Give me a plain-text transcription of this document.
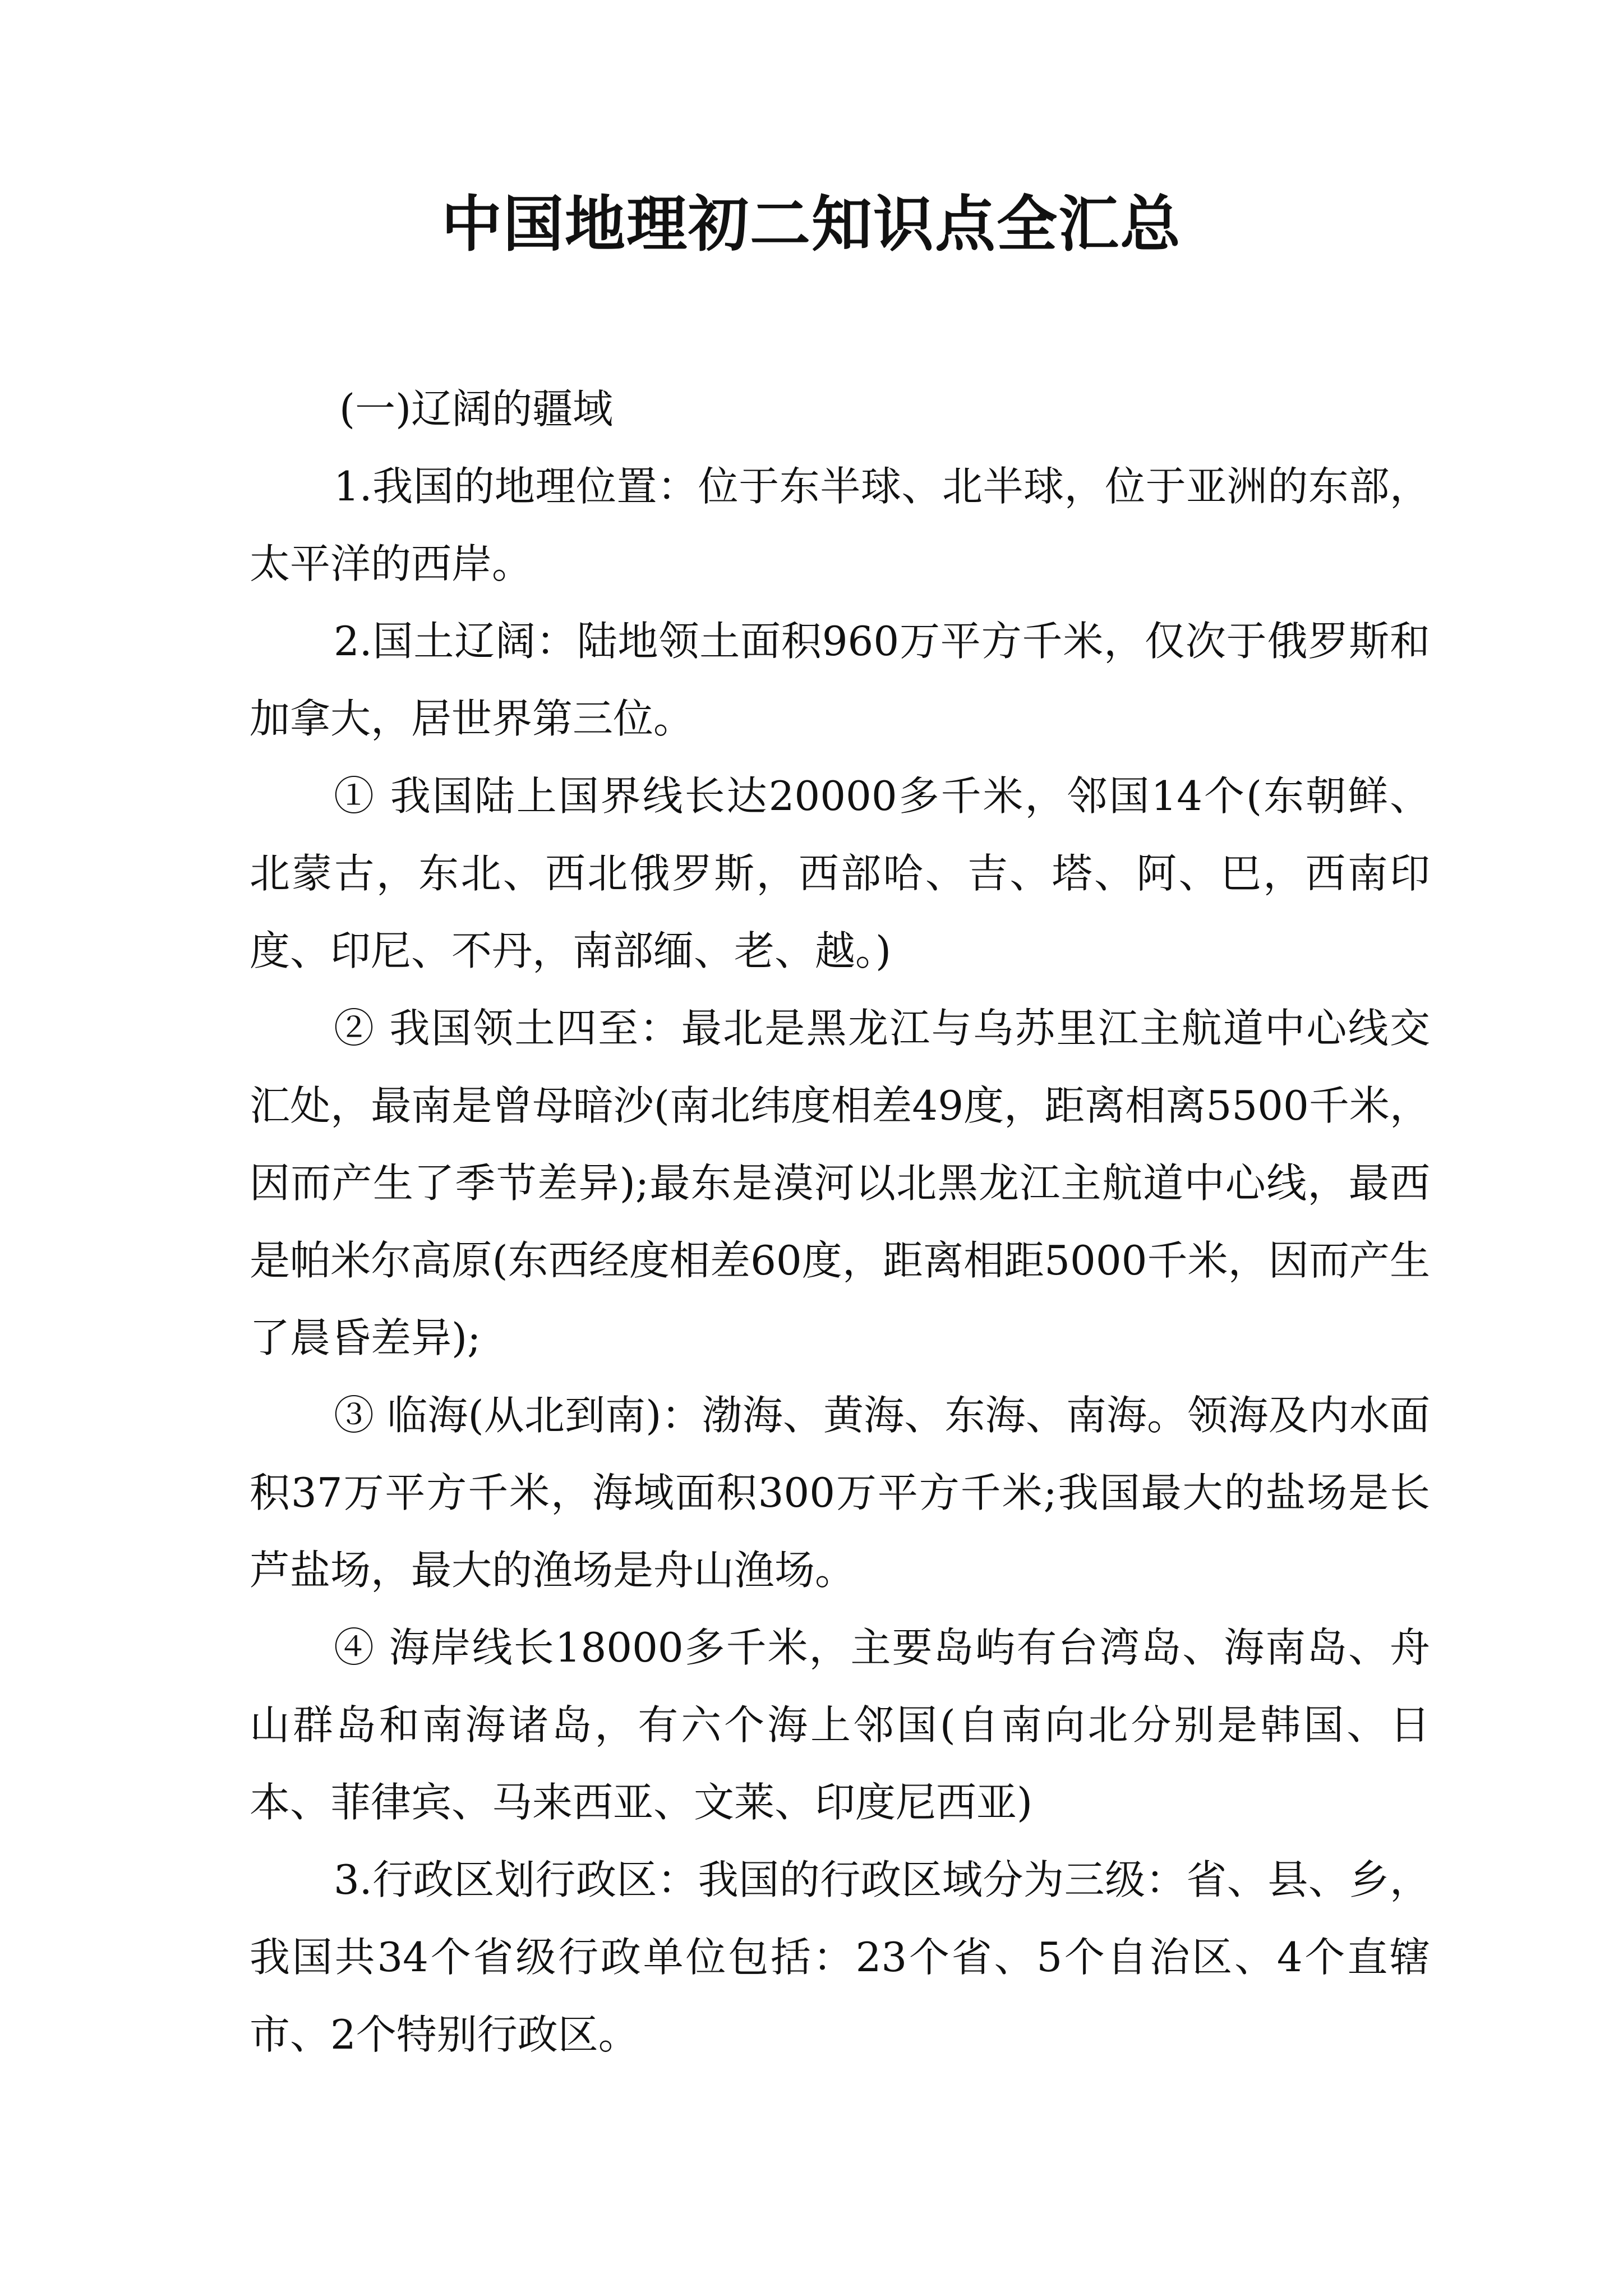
中国地理初二知识点全汇总

(一)辽阔的疆域

1.我国的地理位置：位于东半球、北半球，位于亚洲的东部，太平洋的西岸。

2.国土辽阔：陆地领土面积960万平方千米，仅次于俄罗斯和加拿大，居世界第三位。

① 我国陆上国界线长达20000多千米，邻国14个(东朝鲜、北蒙古，东北、西北俄罗斯，西部哈、吉、塔、阿、巴，西南印度、印尼、不丹，南部缅、老、越。)

② 我国领土四至：最北是黑龙江与乌苏里江主航道中心线交汇处，最南是曾母暗沙(南北纬度相差49度，距离相离5500千米，因而产生了季节差异);最东是漠河以北黑龙江主航道中心线，最西是帕米尔高原(东西经度相差60度，距离相距5000千米，因而产生了晨昏差异);

③ 临海(从北到南)：渤海、黄海、东海、南海。领海及内水面积37万平方千米，海域面积300万平方千米;我国最大的盐场是长芦盐场，最大的渔场是舟山渔场。

④ 海岸线长18000多千米，主要岛屿有台湾岛、海南岛、舟山群岛和南海诸岛，有六个海上邻国(自南向北分别是韩国、日本、菲律宾、马来西亚、文莱、印度尼西亚)

3.行政区划行政区：我国的行政区域分为三级：省、县、乡，我国共34个省级行政单位包括：23个省、5个自治区、4个直辖市、2个特别行政区。
